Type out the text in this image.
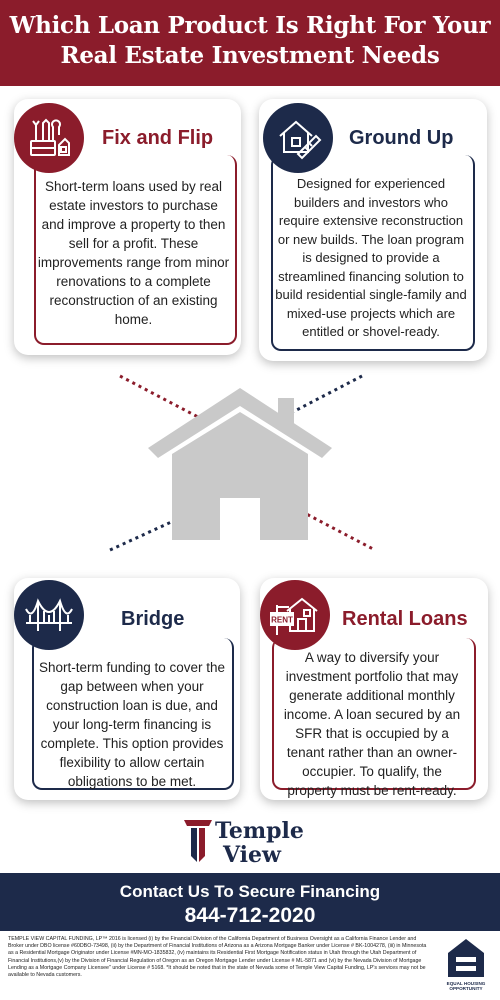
Which Loan Product Is Right For Your
Real Estate Investment Needs
Fix and Flip
Short-term loans used by real estate investors to purchase and improve a property to then sell for a profit. These improvements range from minor renovations to a complete reconstruction of an existing home.
Ground Up
Designed for experienced builders and investors who require extensive reconstruction or new builds. The loan program is designed to provide a streamlined financing solution to build residential single-family and mixed-use projects which are entitled or shovel-ready.
Bridge
Short-term funding to cover the gap between when your construction loan is due, and your long-term financing is complete. This option provides flexibility to allow certain obligations to be met.
RENT Rental Loans
A way to diversify your investment portfolio that may generate additional monthly income. A loan secured by an SFR that is occupied by a tenant rather than an owner-occupier. To qualify, the property must be rent-ready.
Temple
View
Contact Us To Secure Financing
844-712-2020
TEMPLE VIEW CAPITAL FUNDING, LP™ 2016 is licensed (i) by the Financial Division of the California Department of Business Oversight as a California Finance Lender and Broker under DBO license #60DBO-73498, (ii) by the Department of Financial Institutions of Arizona as a Arizona Mortgage Banker under License # BK-1004278, (iii) in Minnesota as a Residential Mortgage Originator under License #MN-MO-1835832, (iv) maintains its Residential First Mortgage Notification status in Utah through the Utah Department of Financial Institutions,(v) by the Division of Financial Regulation of Oregon as an Oregon Mortgage Lender under License # ML-5871 and (vi) by the Nevada Division of Mortgage Lending as a Mortgage Company Licensee" under License # 5168. *It should be noted that in the state of Nevada some of Temple View Capital Funding, LP's services may not be available to Nevada customers.
EQUAL HOUSING OPPORTUNITY
